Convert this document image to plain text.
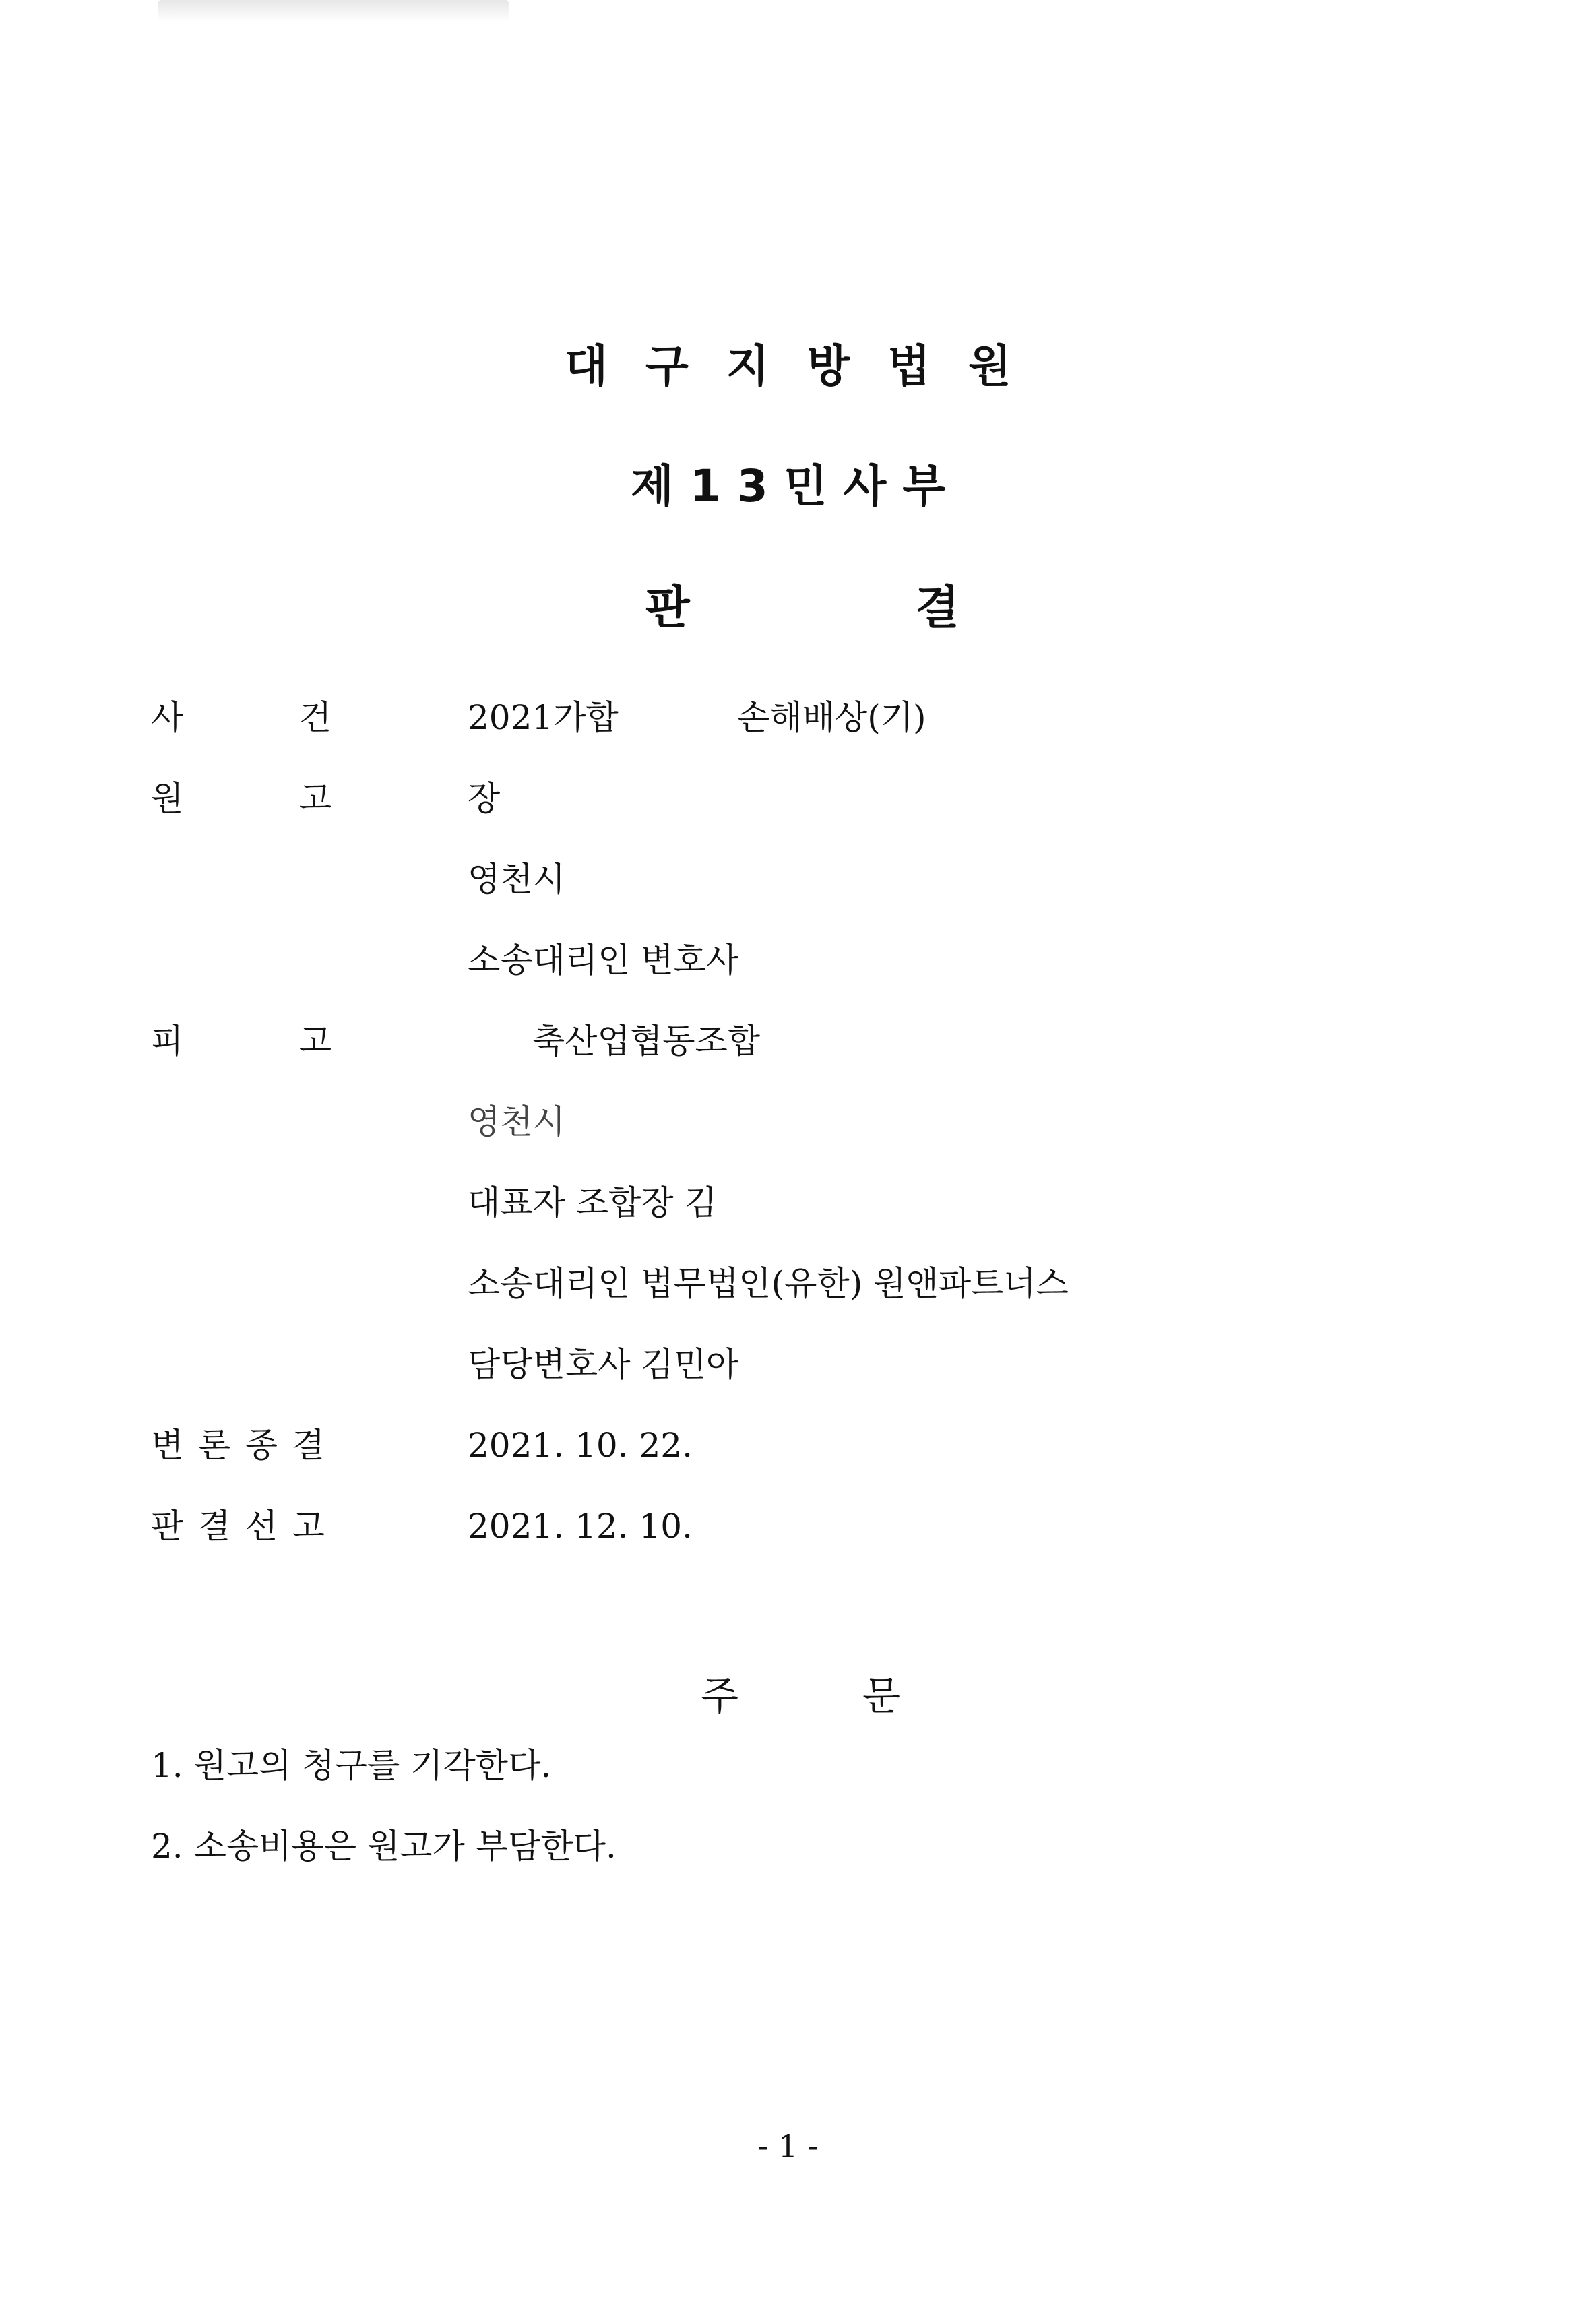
대구지방법원
제13민사부
판	결
사	건	2021가합	손해배상(기)
원	고	장
영천시
소송대리인 변호사
피	고	축산업협동조합
영천시
대표자 조합장 김
소송대리인 법무법인(유한) 원앤파트너스
담당변호사 김민아
변 론 종 결	2021. 10. 22.
판 결 선 고	2021. 12. 10.
주	문
1. 원고의 청구를 기각한다.
2. 소송비용은 원고가 부담한다.
- 1 -
